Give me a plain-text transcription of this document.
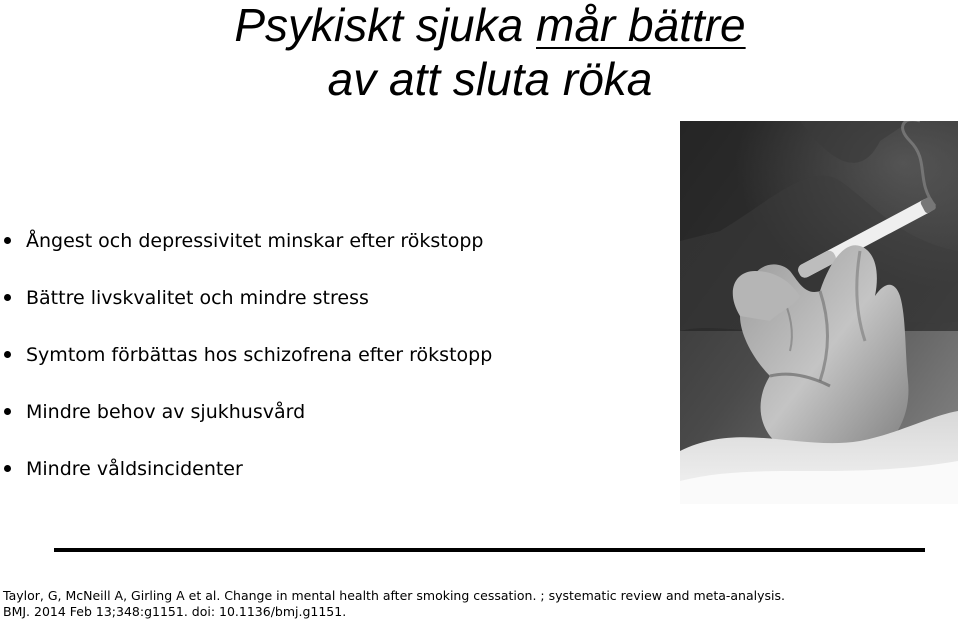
Psykiskt sjuka mår bättre
av att sluta röka
Ångest och depressivitet minskar efter rökstopp
Bättre livskvalitet och mindre stress
Symtom förbättas hos schizofrena efter rökstopp
Mindre behov av sjukhusvård
Mindre våldsincidenter
Taylor, G, McNeill A, Girling A et al. Change in mental health after smoking cessation. ; systematic review and meta-analysis.
BMJ. 2014 Feb 13;348:g1151. doi: 10.1136/bmj.g1151.
